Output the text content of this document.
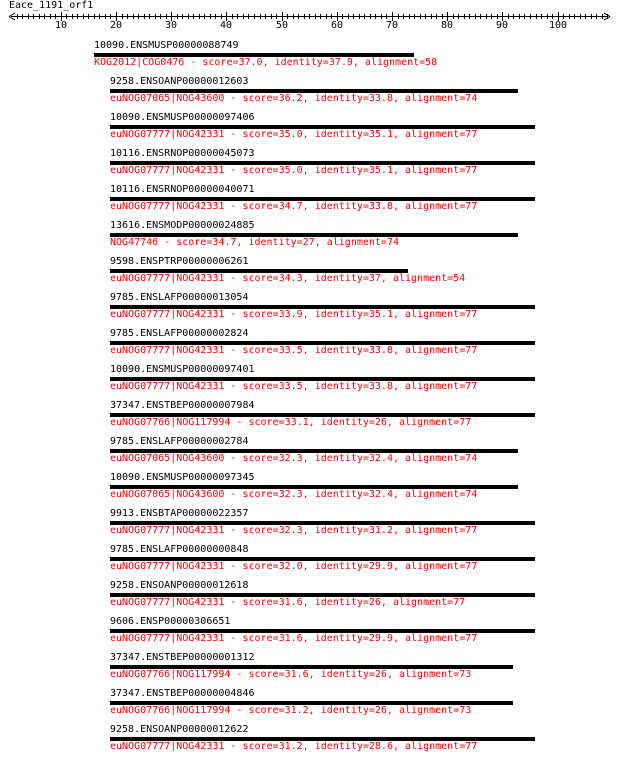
Eace_1191_orf1
10	20	30	40	50	60	70	80	90	100
10090.ENSMUSP00000088749
KOG2012|COG0476 - score=37.0, identity=37.9, alignment=58
9258.ENSOANP00000012603
euNOG07065|NOG43600 - score=36.2, identity=33.8, alignment=74
10090.ENSMUSP00000097406
euNOG07777|NOG42331 - score=35.0, identity=35.1, alignment=77
10116.ENSRNOP00000045073
euNOG07777|NOG42331 - score=35.0, identity=35.1, alignment=77
10116.ENSRNOP00000040071
euNOG07777|NOG42331 - score=34.7, identity=33.8, alignment=77
13616.ENSMODP00000024885
NOG47746 - score=34.7, identity=27, alignment=74
9598.ENSPTRP00000006261
euNOG07777|NOG42331 - score=34.3, identity=37, alignment=54
9785.ENSLAFP00000013054
euNOG07777|NOG42331 - score=33.9, identity=35.1, alignment=77
9785.ENSLAFP00000002824
euNOG07777|NOG42331 - score=33.5, identity=33.8, alignment=77
10090.ENSMUSP00000097401
euNOG07777|NOG42331 - score=33.5, identity=33.8, alignment=77
37347.ENSTBEP00000007984
euNOG07766|NOG117994 - score=33.1, identity=26, alignment=77
9785.ENSLAFP00000002784
euNOG07065|NOG43600 - score=32.3, identity=32.4, alignment=74
10090.ENSMUSP00000097345
euNOG07065|NOG43600 - score=32.3, identity=32.4, alignment=74
9913.ENSBTAP00000022357
euNOG07777|NOG42331 - score=32.3, identity=31.2, alignment=77
9785.ENSLAFP00000000848
euNOG07777|NOG42331 - score=32.0, identity=29.9, alignment=77
9258.ENSOANP00000012618
euNOG07777|NOG42331 - score=31.6, identity=26, alignment=77
9606.ENSP00000306651
euNOG07777|NOG42331 - score=31.6, identity=29.9, alignment=77
37347.ENSTBEP00000001312
euNOG07766|NOG117994 - score=31.6, identity=26, alignment=73
37347.ENSTBEP00000004846
euNOG07766|NOG117994 - score=31.2, identity=26, alignment=73
9258.ENSOANP00000012622
euNOG07777|NOG42331 - score=31.2, identity=28.6, alignment=77
